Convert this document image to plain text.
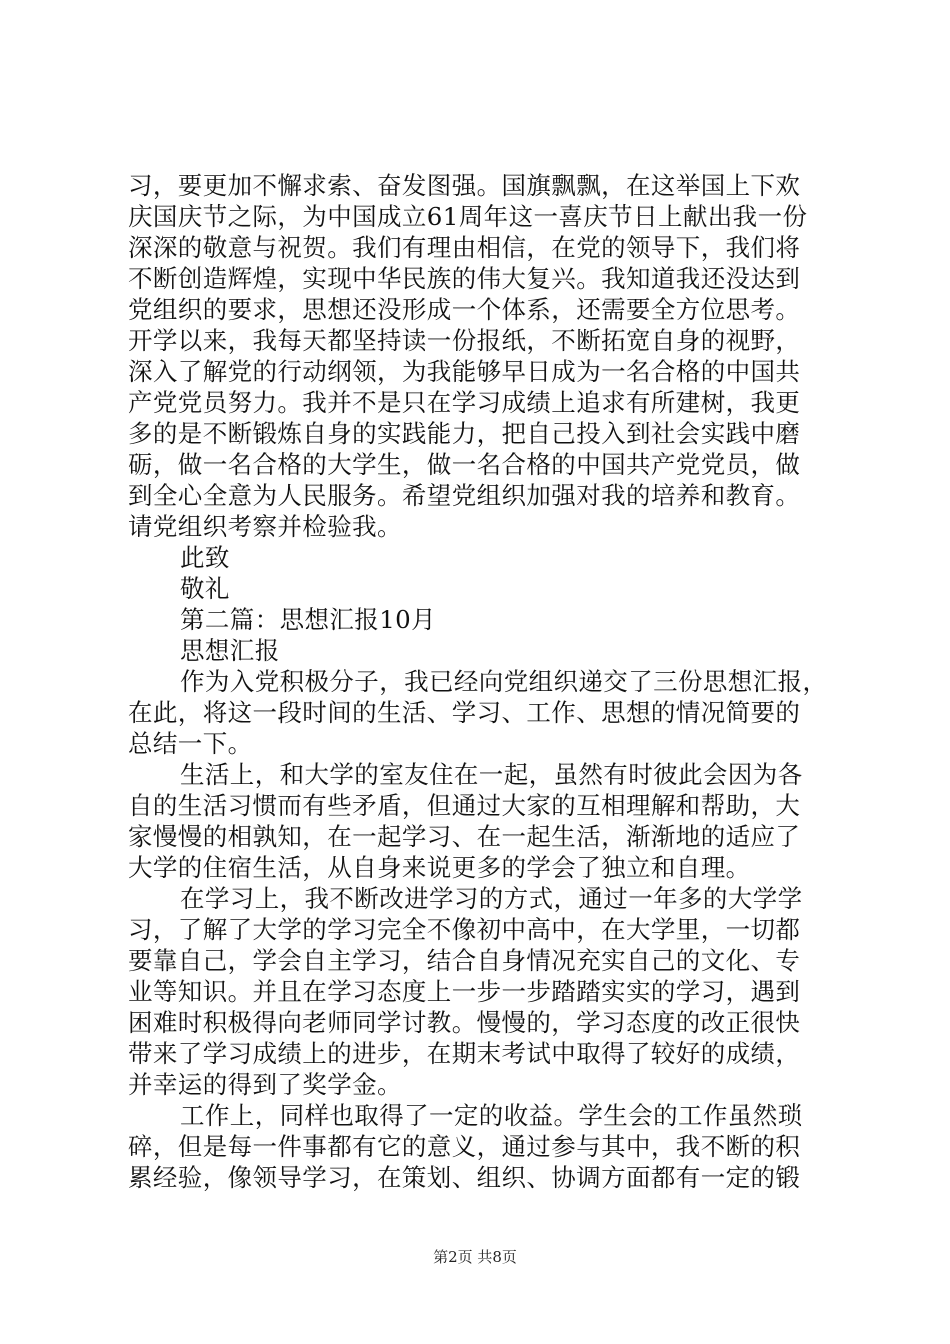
习，要更加不懈求索、奋发图强。国旗飘飘，在这举国上下欢
庆国庆节之际，为中国成立61周年这一喜庆节日上献出我一份
深深的敬意与祝贺。我们有理由相信，在党的领导下，我们将
不断创造辉煌，实现中华民族的伟大复兴。我知道我还没达到
党组织的要求，思想还没形成一个体系，还需要全方位思考。
开学以来，我每天都坚持读一份报纸，不断拓宽自身的视野，
深入了解党的行动纲领，为我能够早日成为一名合格的中国共
产党党员努力。我并不是只在学习成绩上追求有所建树，我更
多的是不断锻炼自身的实践能力，把自己投入到社会实践中磨
砺，做一名合格的大学生，做一名合格的中国共产党党员，做
到全心全意为人民服务。希望党组织加强对我的培养和教育。
请党组织考察并检验我。
此致
敬礼
第二篇：思想汇报10月
思想汇报
作为入党积极分子，我已经向党组织递交了三份思想汇报，
在此，将这一段时间的生活、学习、工作、思想的情况简要的
总结一下。
生活上，和大学的室友住在一起，虽然有时彼此会因为各
自的生活习惯而有些矛盾，但通过大家的互相理解和帮助，大
家慢慢的相孰知，在一起学习、在一起生活，渐渐地的适应了
大学的住宿生活，从自身来说更多的学会了独立和自理。
在学习上，我不断改进学习的方式，通过一年多的大学学
习，了解了大学的学习完全不像初中高中，在大学里，一切都
要靠自己，学会自主学习，结合自身情况充实自己的文化、专
业等知识。并且在学习态度上一步一步踏踏实实的学习，遇到
困难时积极得向老师同学讨教。慢慢的，学习态度的改正很快
带来了学习成绩上的进步，在期末考试中取得了较好的成绩，
并幸运的得到了奖学金。
工作上，同样也取得了一定的收益。学生会的工作虽然琐
碎，但是每一件事都有它的意义，通过参与其中，我不断的积
累经验，像领导学习，在策划、组织、协调方面都有一定的锻
第2页 共8页
